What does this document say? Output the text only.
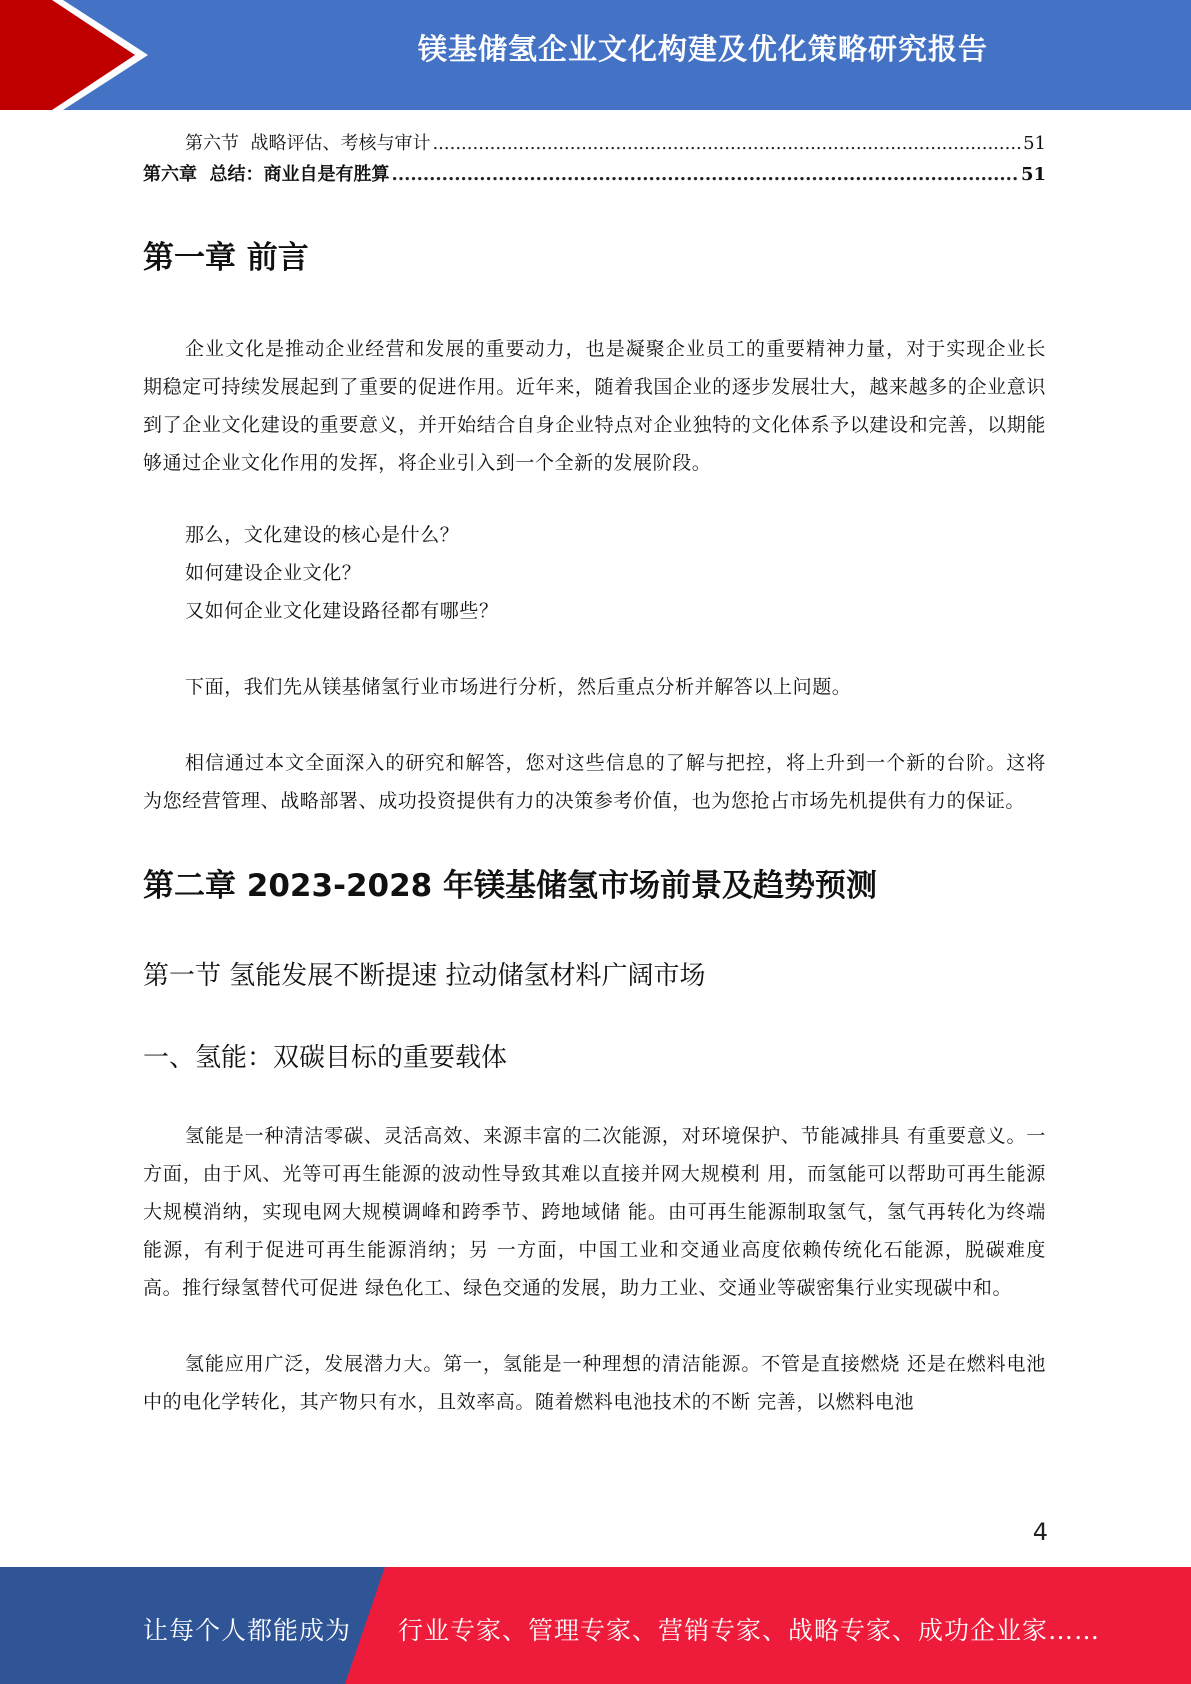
镁基储氢企业文化构建及优化策略研究报告
第六节  战略评估、考核与审计 .....	51
第六章  总结：商业自是有胜算 .....	51
第一章 前言

企业文化是推动企业经营和发展的重要动力，也是凝聚企业员工的重要精神力量，对于实现企业长期稳定可持续发展起到了重要的促进作用。近年来，随着我国企业的逐步发展壮大，越来越多的企业意识到了企业文化建设的重要意义，并开始结合自身企业特点对企业独特的文化体系予以建设和完善，以期能够通过企业文化作用的发挥，将企业引入到一个全新的发展阶段。

那么，文化建设的核心是什么？
如何建设企业文化？
又如何企业文化建设路径都有哪些？

下面，我们先从镁基储氢行业市场进行分析，然后重点分析并解答以上问题。

相信通过本文全面深入的研究和解答，您对这些信息的了解与把控，将上升到一个新的台阶。这将为您经营管理、战略部署、成功投资提供有力的决策参考价值，也为您抢占市场先机提供有力的保证。

第二章 2023-2028 年镁基储氢市场前景及趋势预测
第一节 氢能发展不断提速 拉动储氢材料广阔市场
一、氢能：双碳目标的重要载体

氢能是一种清洁零碳、灵活高效、来源丰富的二次能源，对环境保护、节能减排具 有重要意义。一方面，由于风、光等可再生能源的波动性导致其难以直接并网大规模利 用，而氢能可以帮助可再生能源大规模消纳，实现电网大规模调峰和跨季节、跨地域储 能。由可再生能源制取氢气，氢气再转化为终端能源，有利于促进可再生能源消纳；另 一方面，中国工业和交通业高度依赖传统化石能源，脱碳难度高。推行绿氢替代可促进 绿色化工、绿色交通的发展，助力工业、交通业等碳密集行业实现碳中和。

氢能应用广泛，发展潜力大。第一，氢能是一种理想的清洁能源。不管是直接燃烧 还是在燃料电池中的电化学转化，其产物只有水，且效率高。随着燃料电池技术的不断 完善，以燃料电池

4
让每个人都能成为 行业专家、管理专家、营销专家、战略专家、成功企业家……
